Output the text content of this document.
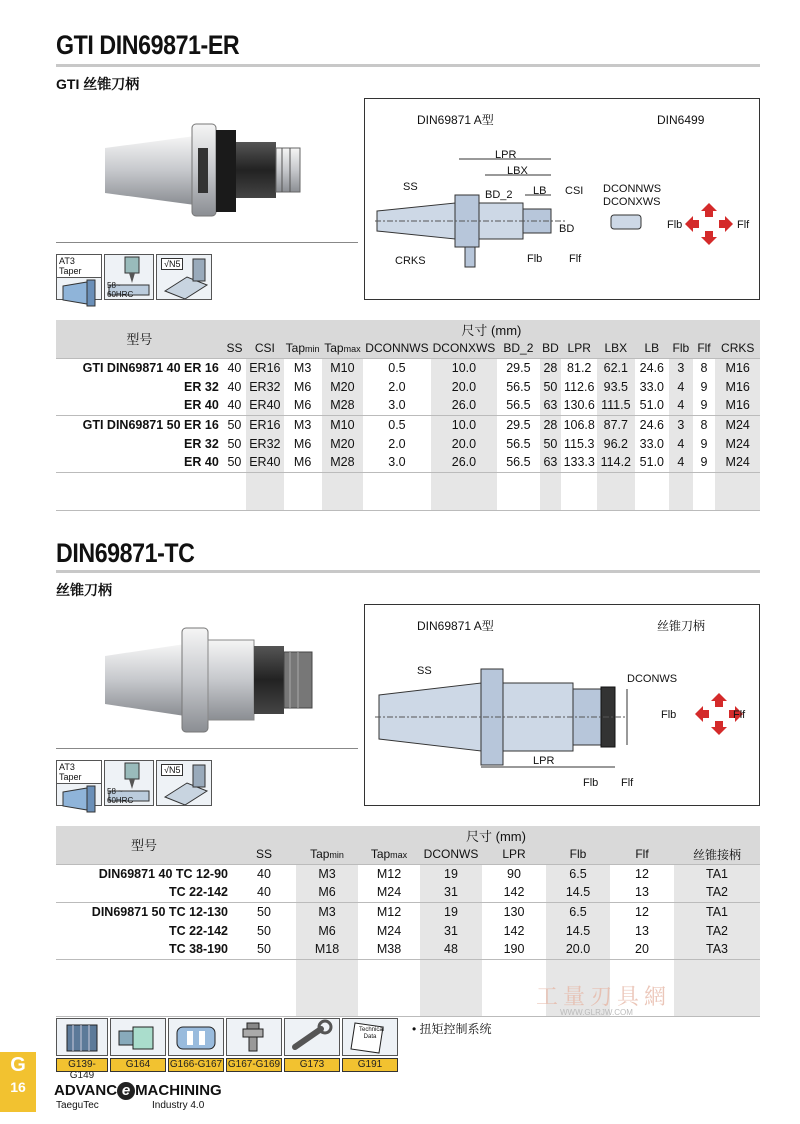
GTI DIN69871-ER
GTI 丝锥刀柄
AT3 Taper
58~
60HRC
√N5
DIN69871 A型	DIN6499
LPR
LBX
SS
BD_2 LB CSI
BD
CRKS	Flb Flf
DCONNWS
DCONXWS
Flb	Flf
型号	尺寸 (mm)													
	SS	CSI	Tapmin	Tapmax	DCONNWS	DCONXWS	BD_2	BD	LPR	LBX	LB	Flb	Flf	CRKS
GTI DIN69871 40 ER 16	40	ER16	M3	M10	0.5	10.0	29.5	28	81.2	62.1	24.6	3	8	M16
ER 32	40	ER32	M6	M20	2.0	20.0	56.5	50	112.6	93.5	33.0	4	9	M16
ER 40	40	ER40	M6	M28	3.0	26.0	56.5	63	130.6	111.5	51.0	4	9	M16
GTI DIN69871 50 ER 16	50	ER16	M3	M10	0.5	10.0	29.5	28	106.8	87.7	24.6	3	8	M24
ER 32	50	ER32	M6	M20	2.0	20.0	56.5	50	115.3	96.2	33.0	4	9	M24
ER 40	50	ER40	M6	M28	3.0	26.0	56.5	63	133.3	114.2	51.0	4	9	M24

DIN69871-TC
丝锥刀柄
AT3 Taper
58 ~
60HRC
√N5
DIN69871 A型	丝锥刀柄
SS
DCONWS
LPR
Flb Flf
Flb	Flf
型号	尺寸 (mm)							
	SS	Tapmin	Tapmax	DCONWS	LPR	Flb	Flf	丝锥接柄
DIN69871 40 TC 12-90	40	M3	M12	19	90	6.5	12	TA1
TC 22-142	40	M6	M24	31	142	14.5	13	TA2
DIN69871 50 TC 12-130	50	M3	M12	19	130	6.5	12	TA1
TC 22-142	50	M6	M24	31	142	14.5	13	TA2
TC 38-190	50	M18	M38	48	190	20.0	20	TA3

工量刃具網
WWW.GLRJW.COM
G139-G149
G164	G166-G167 G167-G169	G173
Technical Data
G191
• 扭矩控制系统
G
16	ADVANC e MACHINING
TaeguTec	Industry 4.0
